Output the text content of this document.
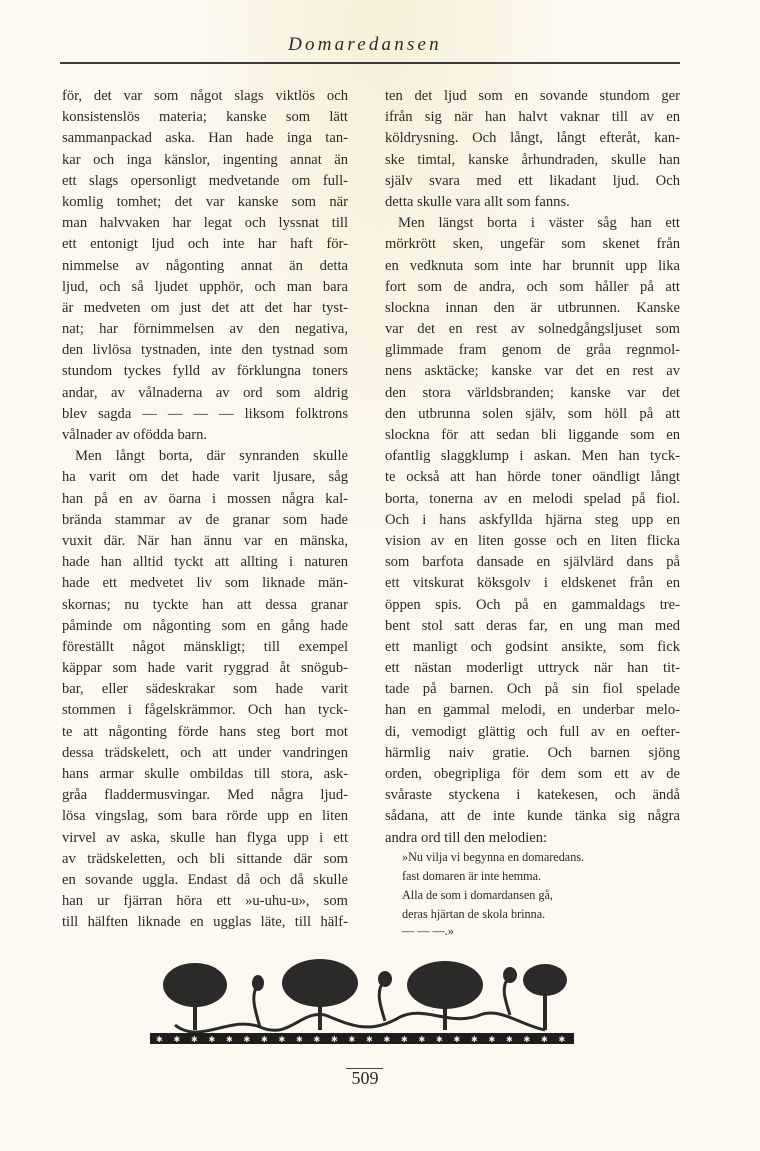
Domaredansen
för, det var som något slags viktlös och
konsistenslös materia; kanske som lätt
sammanpackad aska. Han hade inga tan-
kar och inga känslor, ingenting annat än
ett slags opersonligt medvetande om full-
komlig tomhet; det var kanske som när
man halvvaken har legat och lyssnat till
ett entonigt ljud och inte har haft för-
nimmelse av någonting annat än detta
ljud, och så ljudet upphör, och man bara
är medveten om just det att det har tyst-
nat; har förnimmelsen av den negativa,
den livlösa tystnaden, inte den tystnad som
stundom tyckes fylld av förklungna toners
andar, av vålnaderna av ord som aldrig
blev sagda — — — — liksom folktrons
vålnader av ofödda barn.
Men långt borta, där synranden skulle
ha varit om det hade varit ljusare, såg
han på en av öarna i mossen några kal-
brända stammar av de granar som hade
vuxit där. När han ännu var en mänska,
hade han alltid tyckt att allting i naturen
hade ett medvetet liv som liknade män-
skornas; nu tyckte han att dessa granar
påminde om någonting som en gång hade
föreställt något mänskligt; till exempel
käppar som hade varit ryggrad åt snögub-
bar, eller sädeskrakar som hade varit
stommen i fågelskrämmor. Och han tyck-
te att någonting förde hans steg bort mot
dessa trädskelett, och att under vandringen
hans armar skulle ombildas till stora, ask-
gråa fladdermusvingar. Med några ljud-
lösa vingslag, som bara rörde upp en liten
virvel av aska, skulle han flyga upp i ett
av trädskeletten, och bli sittande där som
en sovande uggla. Endast då och då skulle
han ur fjärran höra ett »u-uhu-u», som
till hälften liknade en ugglas läte, till hälf-
ten det ljud som en sovande stundom ger
ifrån sig när han halvt vaknar till av en
köldrysning. Och långt, långt efteråt, kan-
ske timtal, kanske århundraden, skulle han
själv svara med ett likadant ljud. Och
detta skulle vara allt som fanns.
Men längst borta i väster såg han ett
mörkrött sken, ungefär som skenet från
en vedknuta som inte har brunnit upp lika
fort som de andra, och som håller på att
slockna innan den är utbrunnen. Kanske
var det en rest av solnedgångsljuset som
glimmade fram genom de gråa regnmol-
nens asktäcke; kanske var det en rest av
den stora världsbranden; kanske var det
den utbrunna solen själv, som höll på att
slockna för att sedan bli liggande som en
ofantlig slaggklump i askan. Men han tyck-
te också att han hörde toner oändligt långt
borta, tonerna av en melodi spelad på fiol.
Och i hans askfyllda hjärna steg upp en
vision av en liten gosse och en liten flicka
som barfota dansade en självlärd dans på
ett vitskurat köksgolv i eldskenet från en
öppen spis. Och på en gammaldags tre-
bent stol satt deras far, en ung man med
ett manligt och godsint ansikte, som fick
ett nästan moderligt uttryck när han tit-
tade på barnen. Och på sin fiol spelade
han en gammal melodi, en underbar melo-
di, vemodigt glättig och full av en oefter-
härmlig naiv gratie. Och barnen sjöng
orden, obegripliga för dem som ett av de
svåraste styckena i katekesen, och ändå
sådana, att de inte kunde tänka sig några
andra ord till den melodien:
»Nu vilja vi begynna en domaredans.
fast domaren är inte hemma.
Alla de som i domardansen gå,
deras hjärtan de skola brinna.
— — —.»
✱ ✱ ✱ ✱ ✱ ✱ ✱ ✱ ✱ ✱ ✱ ✱ ✱ ✱ ✱ ✱ ✱ ✱ ✱ ✱ ✱ ✱ ✱ ✱
509
